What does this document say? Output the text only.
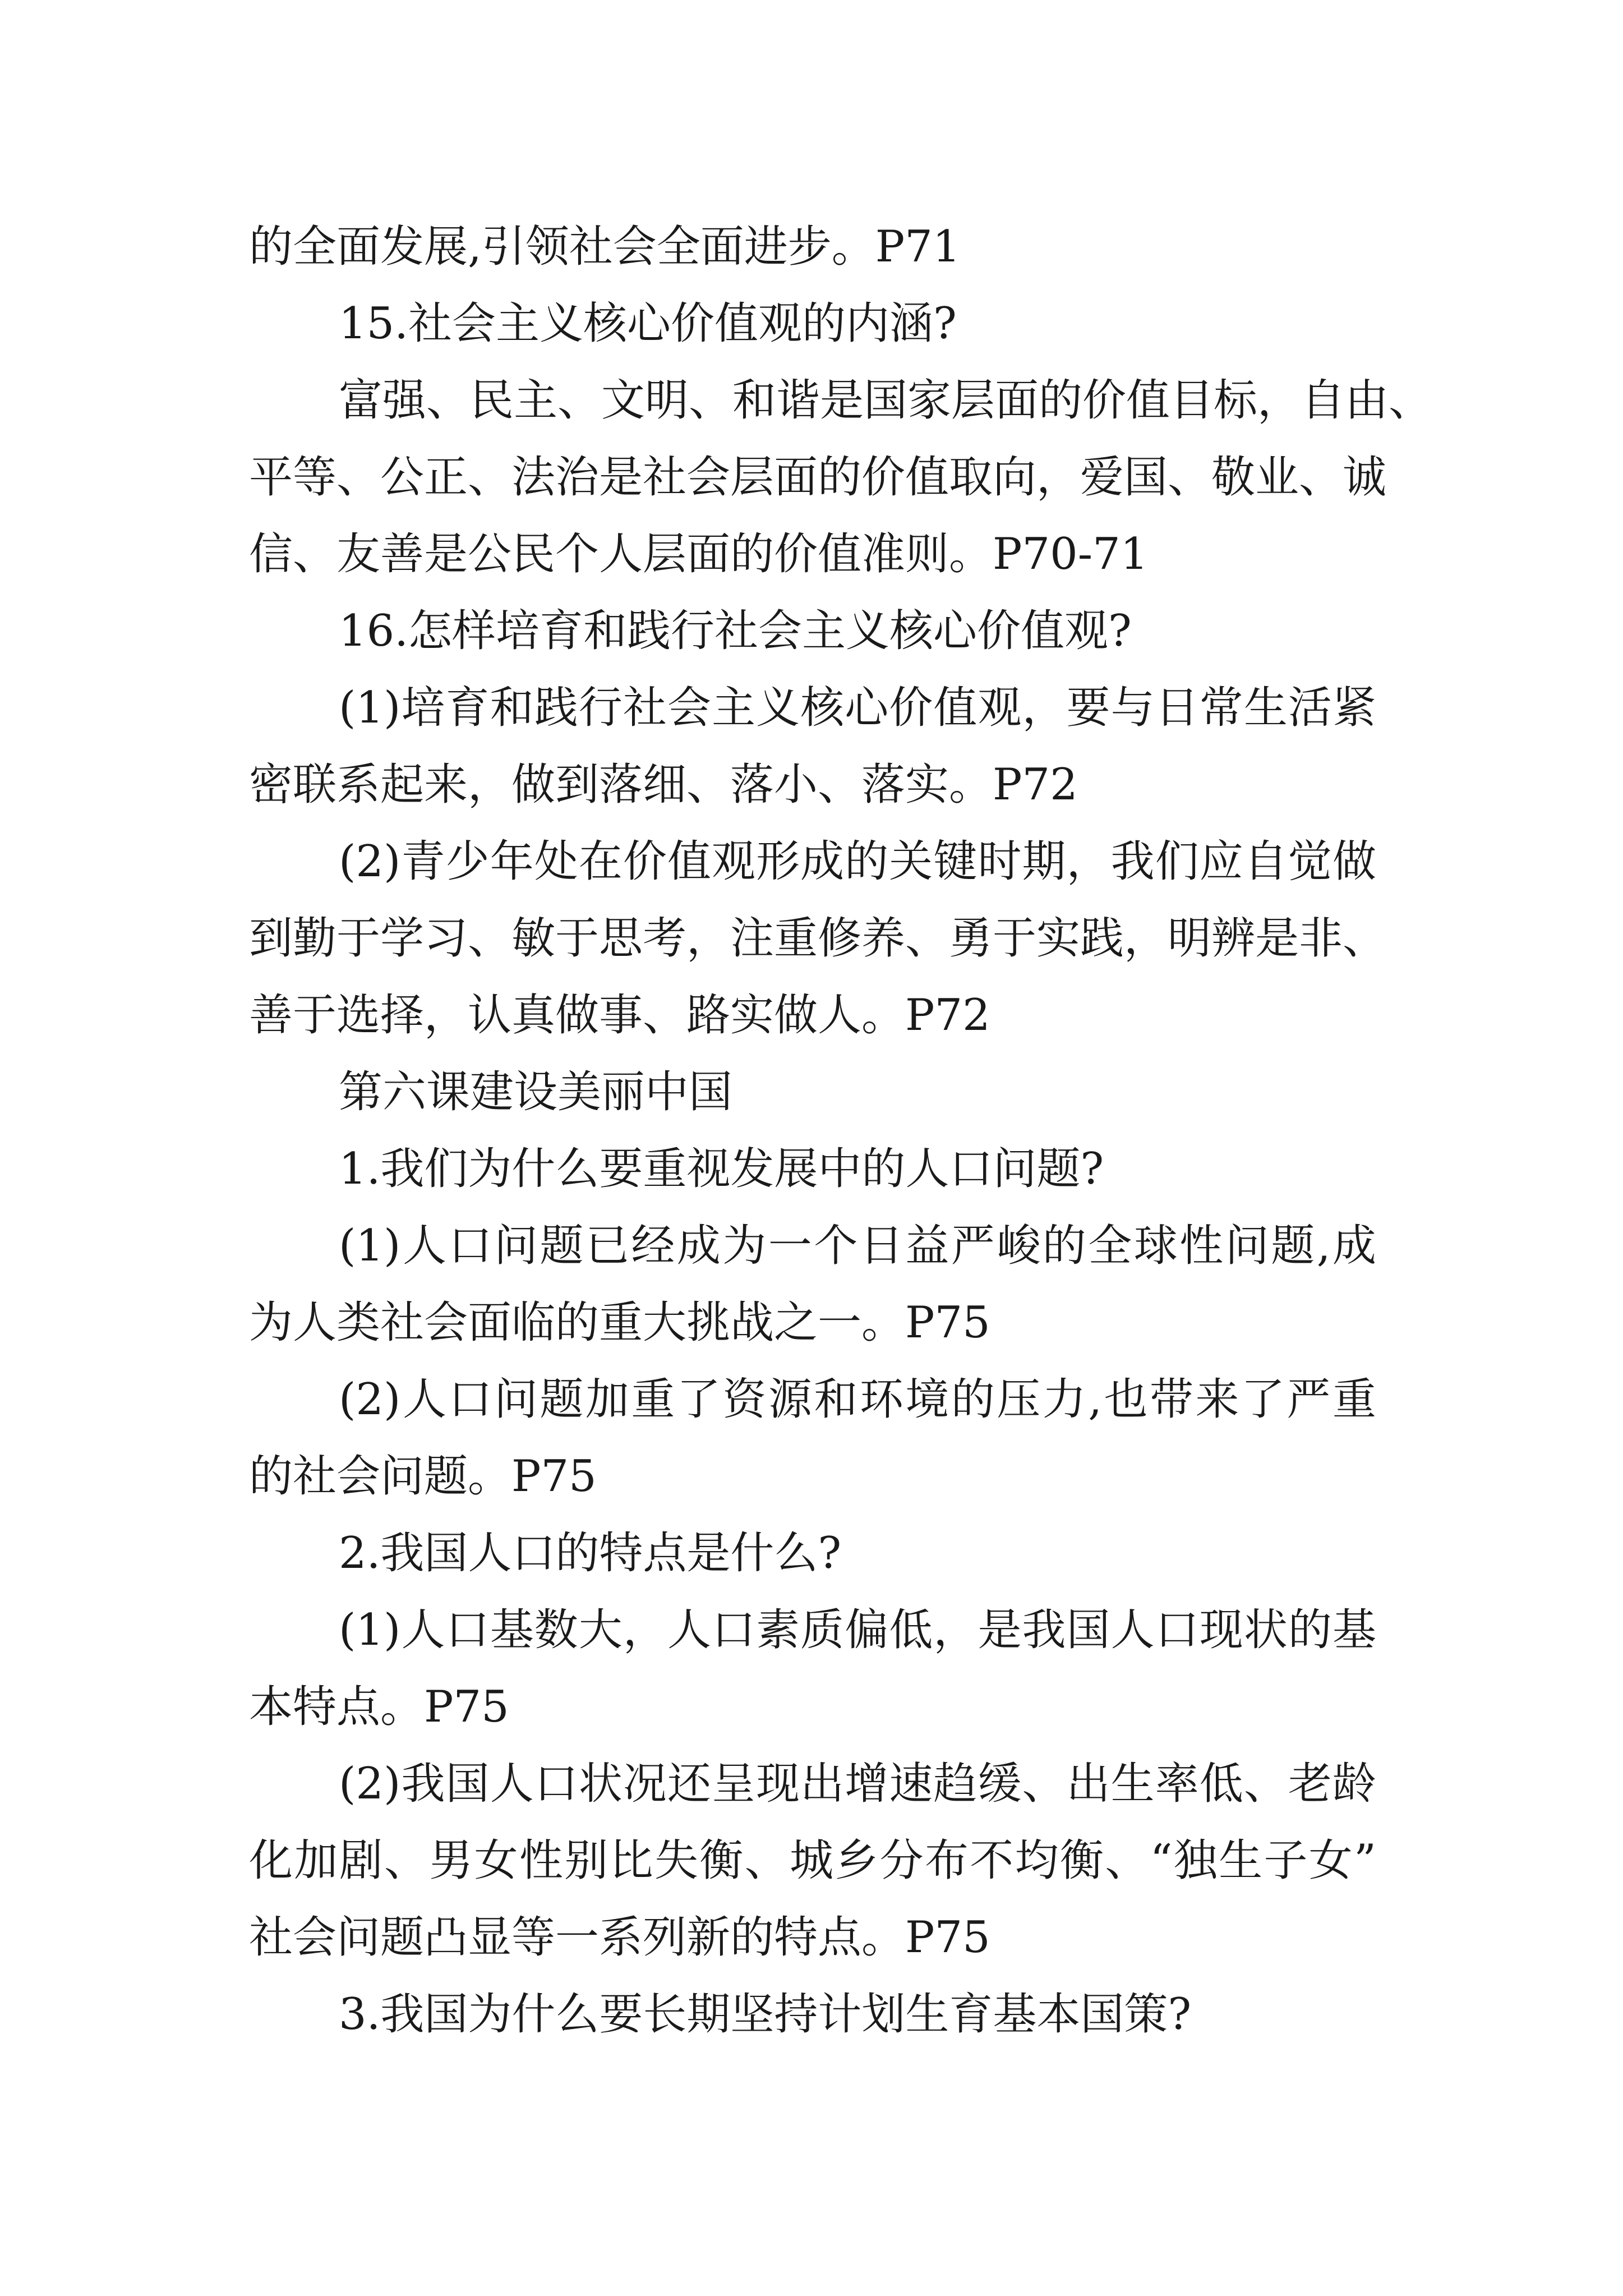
的全面发展,引领社会全面进步。P71
15.社会主义核心价值观的内涵?
富强、民主、文明、和谐是国家层面的价值目标，自由、
平等、公正、法治是社会层面的价值取向，爱国、敬业、诚
信、友善是公民个人层面的价值准则。P70-71
16.怎样培育和践行社会主义核心价值观?
(1)培育和践行社会主义核心价值观，要与日常生活紧
密联系起来，做到落细、落小、落实。P72
(2)青少年处在价值观形成的关键时期，我们应自觉做
到勤于学习、敏于思考，注重修养、勇于实践，明辨是非、
善于选择，认真做事、路实做人。P72
第六课建设美丽中国
1.我们为什么要重视发展中的人口问题?
(1)人口问题已经成为一个日益严峻的全球性问题,成
为人类社会面临的重大挑战之一。P75
(2)人口问题加重了资源和环境的压力,也带来了严重
的社会问题。P75
2.我国人口的特点是什么?
(1)人口基数大，人口素质偏低，是我国人口现状的基
本特点。P75
(2)我国人口状况还呈现出增速趋缓、出生率低、老龄
化加剧、男女性别比失衡、城乡分布不均衡、“独生子女”
社会问题凸显等一系列新的特点。P75
3.我国为什么要长期坚持计划生育基本国策?
